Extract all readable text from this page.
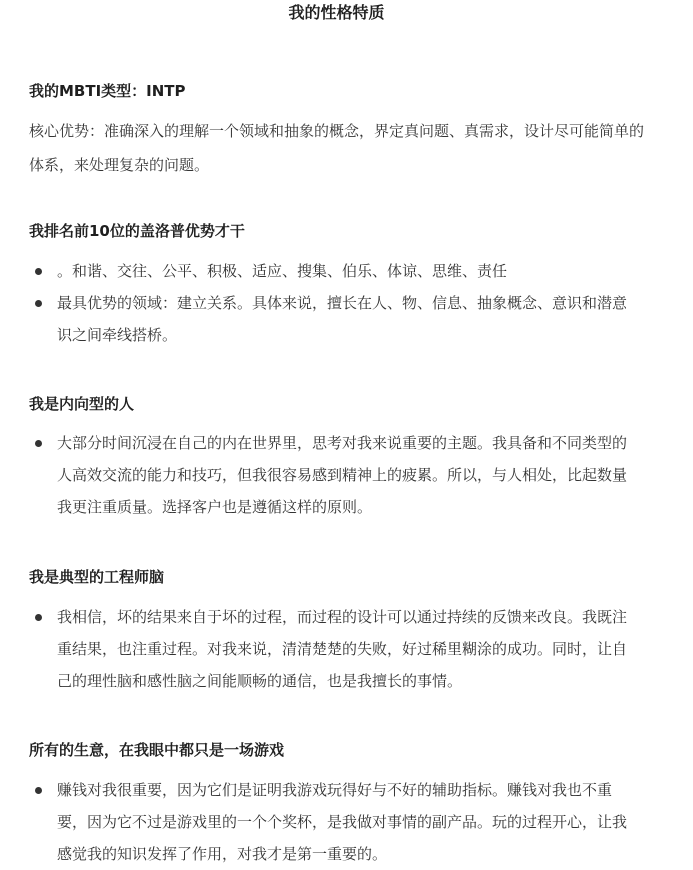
我的性格特质
我的MBTI类型：INTP
核心优势：准确深入的理解一个领域和抽象的概念，界定真问题、真需求，设计尽可能简单的体系，来处理复杂的问题。
我排名前10位的盖洛普优势才干
。和谐、交往、公平、积极、适应、搜集、伯乐、体谅、思维、责任
最具优势的领域：建立关系。具体来说，擅长在人、物、信息、抽象概念、意识和潜意识之间牵线搭桥。
我是内向型的人
大部分时间沉浸在自己的内在世界里，思考对我来说重要的主题。我具备和不同类型的人高效交流的能力和技巧，但我很容易感到精神上的疲累。所以，与人相处，比起数量我更注重质量。选择客户也是遵循这样的原则。
我是典型的工程师脑
我相信，坏的结果来自于坏的过程，而过程的设计可以通过持续的反馈来改良。我既注重结果，也注重过程。对我来说，清清楚楚的失败，好过稀里糊涂的成功。同时，让自己的理性脑和感性脑之间能顺畅的通信，也是我擅长的事情。
所有的生意，在我眼中都只是一场游戏
赚钱对我很重要，因为它们是证明我游戏玩得好与不好的辅助指标。赚钱对我也不重要，因为它不过是游戏里的一个个奖杯，是我做对事情的副产品。玩的过程开心，让我感觉我的知识发挥了作用，对我才是第一重要的。
